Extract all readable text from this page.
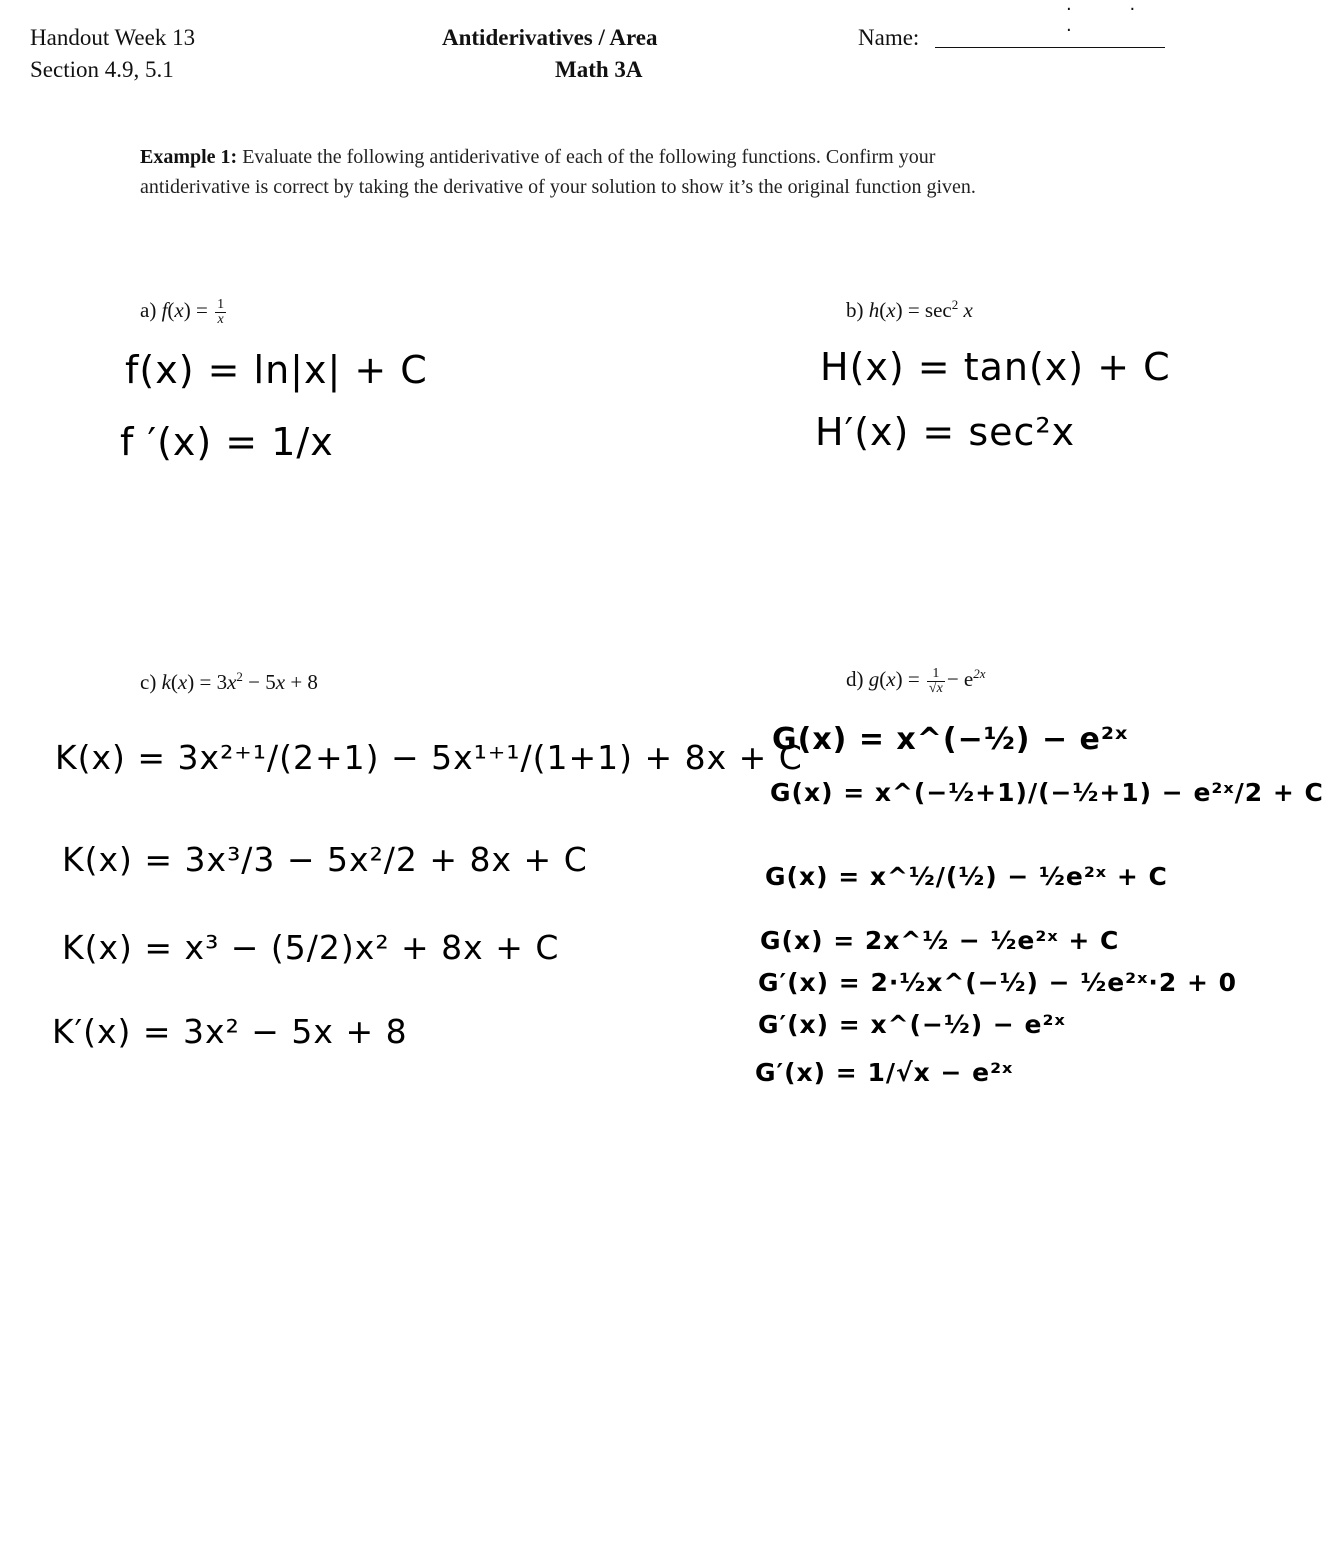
Handout Week 13
Section 4.9, 5.1
Antiderivatives / Area
Math 3A
Name:
. . .
Example 1: Evaluate the following antiderivative of each of the following functions. Confirm your antiderivative is correct by taking the derivative of your solution to show it’s the original function given.
a) $f(x) = \frac{1}{x}$
f(x) = ln|x| + C
f ′(x) = 1/x
b) $h(x) = \sec^2 x$
H(x) = tan(x) + C
H′(x) = sec²x
c) $k(x) = 3x^2 - 5x + 8$
K(x) = 3x²⁺¹/(2+1) − 5x¹⁺¹/(1+1) + 8x + C
K(x) = 3x³/3 − 5x²/2 + 8x + C
K(x) = x³ − (5/2)x² + 8x + C
K′(x) = 3x² − 5x + 8
d) $g(x) = \frac{1}{√x} - e^{2x}$
G(x) = x^(−½) − e²ˣ
G(x) = x^(−½+1)/(−½+1) − e²ˣ/2 + C
G(x) = x^½/(½) − ½e²ˣ + C
G(x) = 2x^½ − ½e²ˣ + C
G′(x) = 2·½x^(−½) − ½e²ˣ·2 + 0
G′(x) = x^(−½) − e²ˣ
G′(x) = 1/√x − e²ˣ
